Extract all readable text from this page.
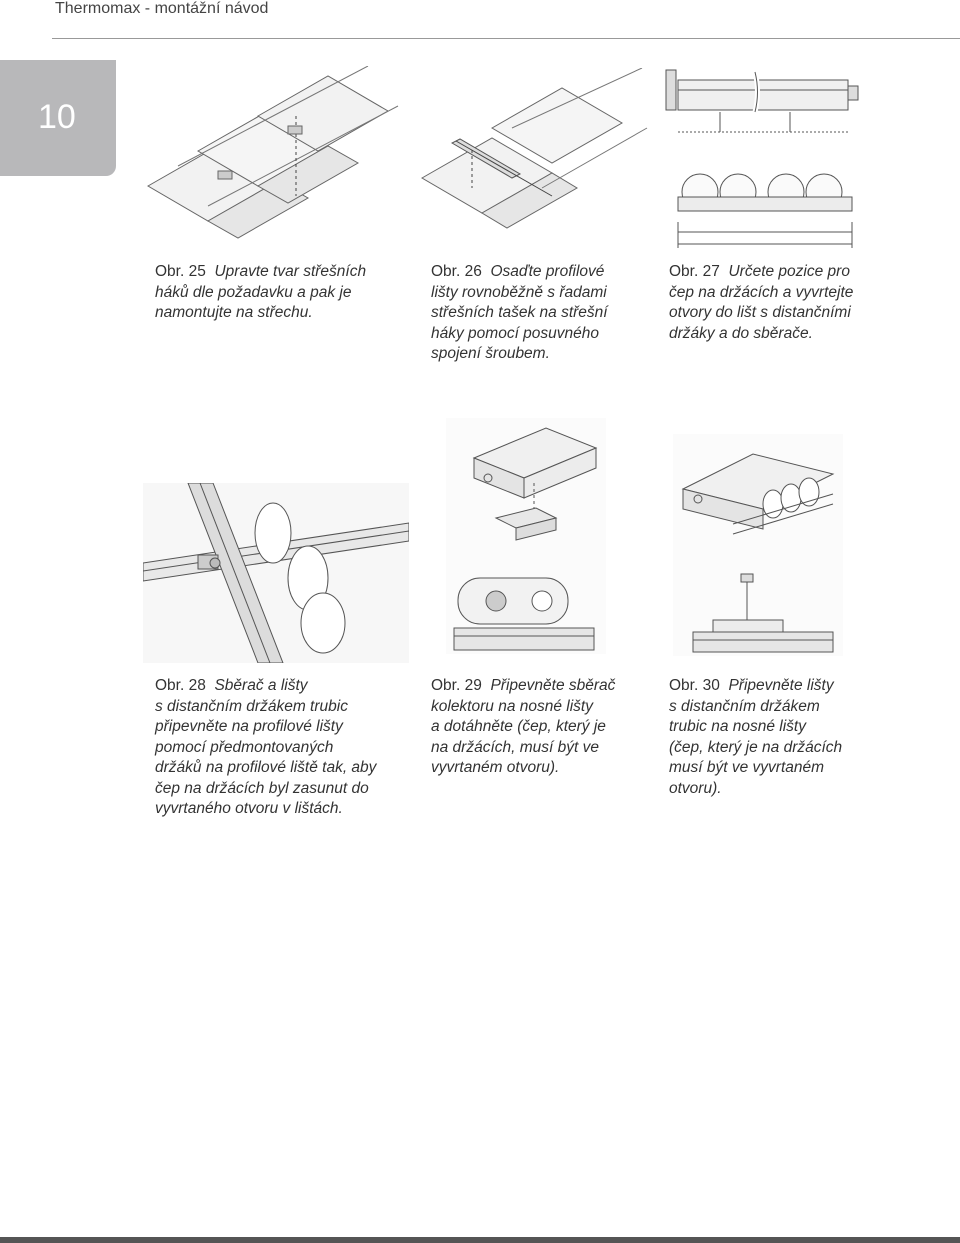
Thermomax - montážní návod
10
Obr. 25 Upravte tvar střešních
háků dle požadavku a pak je
namontujte na střechu.
Obr. 26 Osaďte profilové
lišty rovnoběžně s řadami
střešních tašek na střešní
háky pomocí posuvného
spojení šroubem.
Obr. 27 Určete pozice pro
čep na držácích a vyvrtejte
otvory do lišt s distančními
držáky a do sběrače.
Obr. 28 Sběrač a lišty
s distančním držákem trubic
připevněte na profilové lišty
pomocí předmontovaných
držáků na profilové liště tak, aby
čep na držácích byl zasunut do
vyvrtaného otvoru v lištách.
Obr. 29 Připevněte sběrač
kolektoru na nosné lišty
a dotáhněte (čep, který je
na držácích, musí být ve
vyvrtaném otvoru).
Obr. 30 Připevněte lišty
s distančním držákem
trubic na nosné lišty
(čep, který je na držácích
musí být ve vyvrtaném
otvoru).
